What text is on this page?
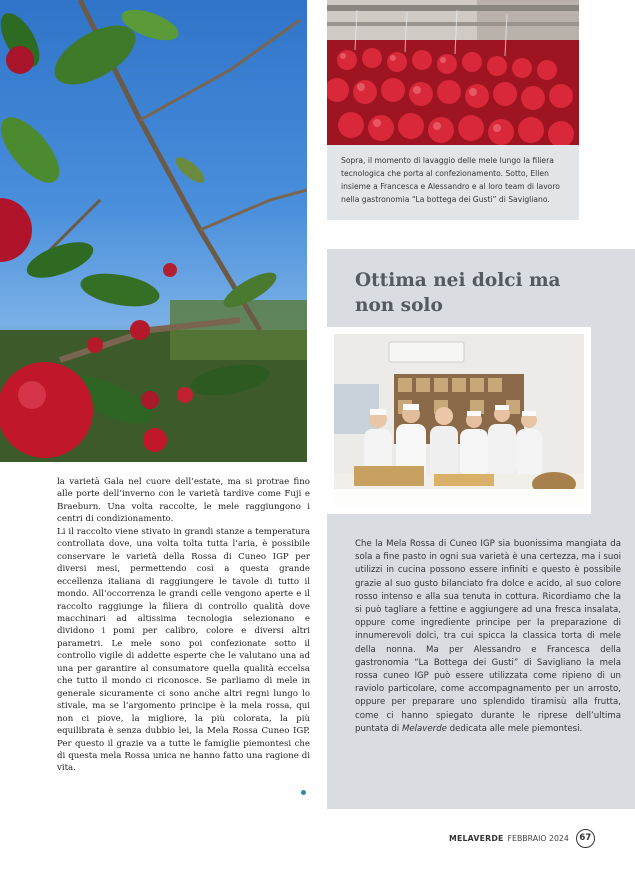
Sopra, il momento di lavaggio delle mele lungo la filiera tecnologica che porta al confezionamento. Sotto, Ellen insieme a Francesca e Alessandro e al loro team di lavoro nella gastronomia “La bottega dei Gusti” di Savigliano.
Ottima nei dolci ma non solo
Che la Mela Rossa di Cuneo IGP sia buonissima mangiata da sola a fine pasto in ogni sua varietà è una certezza, ma i suoi utilizzi in cucina possono essere infiniti e questo è possibile grazie al suo gusto bilanciato fra dolce e acido, al suo colore rosso intenso e alla sua tenuta in cottura. Ricordiamo che la si può tagliare a fettine e aggiungere ad una fresca insalata, oppure come ingrediente principe per la preparazione di innumerevoli dolci, tra cui spicca la classica torta di mele della nonna. Ma per Alessandro e Francesca della gastronomia “La Bottega dei Gusti” di Savigliano la mela rossa cuneo IGP può essere utilizzata come ripieno di un raviolo particolare, come accompagnamento per un arrosto, oppure per preparare uno splendido tiramisù alla frutta, come ci hanno spiegato durante le riprese dell’ultima puntata di Melaverde dedicata alle mele piemontesi.

la varietà Gala nel cuore dell’estate, ma si protrae fino alle porte dell’inverno con le varietà tardive come Fuji e Braeburn. Una volta raccolte, le mele raggiungono i centri di condizionamento.

Li il raccolto viene stivato in grandi stanze a temperatura controllata dove, una volta tolta tutta l’aria, è possibile conservare le varietà della Rossa di Cuneo IGP per diversi mesi, permettendo così a questa grande eccellenza italiana di raggiungere le tavole di tutto il mondo. All’occorrenza le grandi celle vengono aperte e il raccolto raggiunge la filiera di controllo qualità dove macchinari ad altissima tecnologia selezionano e dividono i pomi per calibro, colore e diversi altri parametri. Le mele sono poi confezionate sotto il controllo vigile di addette esperte che le valutano una ad una per garantire al consumatore quella qualità eccelsa che tutto il mondo ci riconosce. Se parliamo di mele in generale sicuramente ci sono anche altri regni lungo lo stivale, ma se l’argomento principe è la mela rossa, qui non ci piove, la migliore, la più colorata, la più equilibrata è senza dubbio lei, la Mela Rossa Cuneo IGP. Per questo il grazie va a tutte le famiglie piemontesi che di questa mela Rossa unica ne hanno fatto una ragione di vita.

MELAVERDE FEBBRAIO 2024	67
